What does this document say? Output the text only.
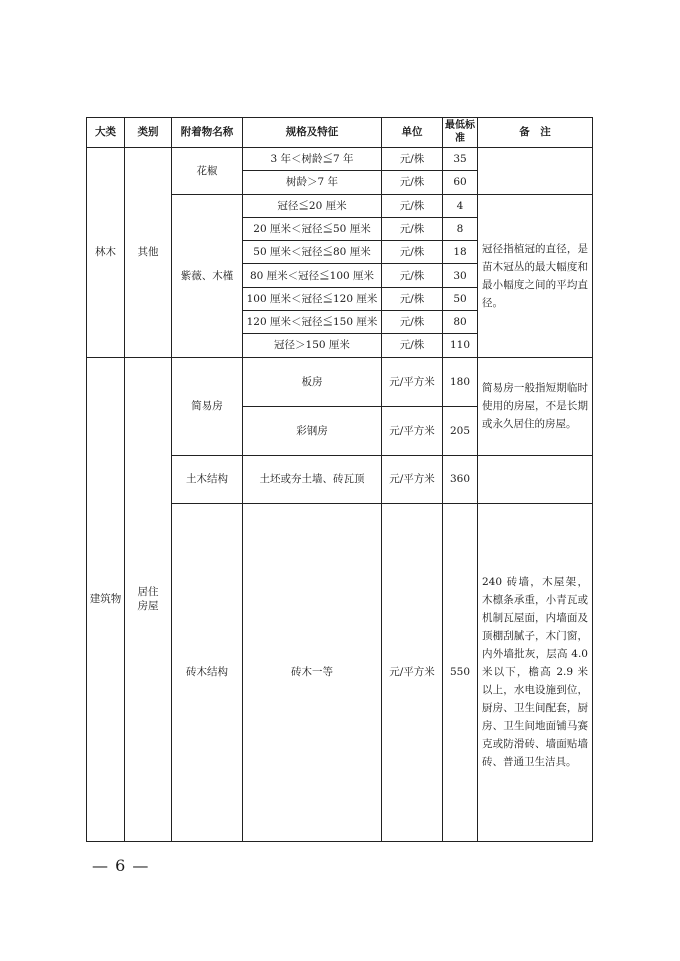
大类	类别	附着物名称	规格及特征	单位	最低标准	备　注
林木	其他	花椒	3 年＜树龄≦7 年	元/株	35	
			树龄＞7 年	元/株	60	
		紫薇、木槿	冠径≦20 厘米	元/株	4	冠径指植冠的直径，是苗木冠丛的最大幅度和最小幅度之间的平均直径。
			20 厘米＜冠径≦50 厘米	元/株	8	
			50 厘米＜冠径≦80 厘米	元/株	18	
			80 厘米＜冠径≦100 厘米	元/株	30	
			100 厘米＜冠径≦120 厘米	元/株	50	
			120 厘米＜冠径≦150 厘米	元/株	80	
			冠径＞150 厘米	元/株	110	
建筑物	居住房屋	简易房	板房	元/平方米	180	简易房一般指短期临时使用的房屋，不是长期或永久居住的房屋。
			彩钢房	元/平方米	205	
		土木结构	土坯或夯土墙、砖瓦顶	元/平方米	360	
		砖木结构	砖木一等	元/平方米	550	240 砖墙，木屋架，木檩条承重，小青瓦或机制瓦屋面，内墙面及顶棚刮腻子，木门窗，内外墙批灰，层高 4.0 米以下，檐高 2.9 米以上，水电设施到位，厨房、卫生间配套，厨房、卫生间地面铺马赛克或防滑砖、墙面贴墙砖、普通卫生洁具。
— 6 —
